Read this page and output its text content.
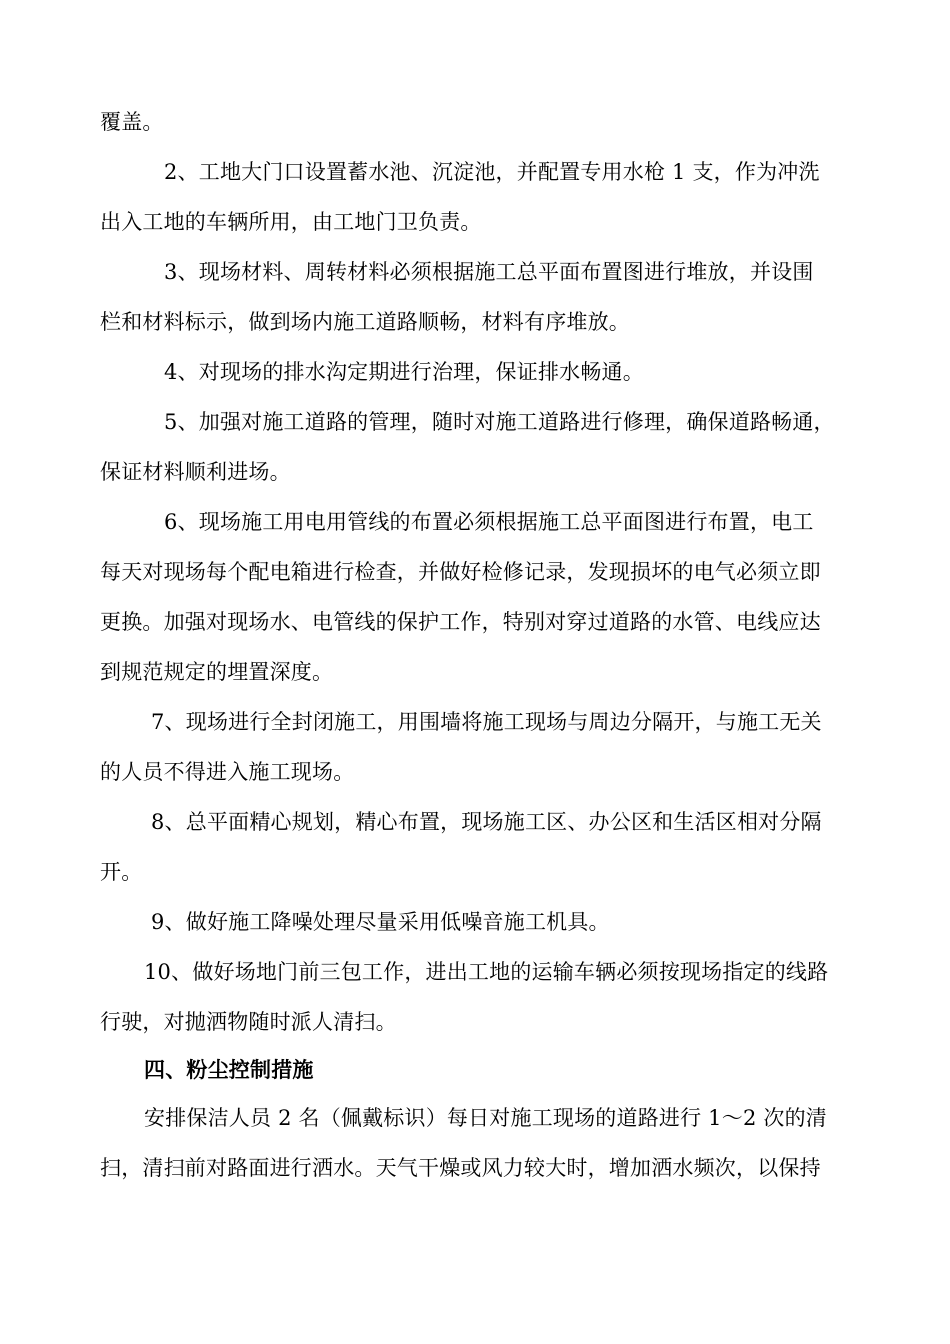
覆盖。
2、工地大门口设置蓄水池、沉淀池，并配置专用水枪 1 支，作为冲洗
出入工地的车辆所用，由工地门卫负责。
3、现场材料、周转材料必须根据施工总平面布置图进行堆放，并设围
栏和材料标示，做到场内施工道路顺畅，材料有序堆放。
4、对现场的排水沟定期进行治理，保证排水畅通。
5、加强对施工道路的管理，随时对施工道路进行修理，确保道路畅通，
保证材料顺利进场。
6、现场施工用电用管线的布置必须根据施工总平面图进行布置，电工
每天对现场每个配电箱进行检查，并做好检修记录，发现损坏的电气必须立即
更换。加强对现场水、电管线的保护工作，特别对穿过道路的水管、电线应达
到规范规定的埋置深度。
7、现场进行全封闭施工，用围墙将施工现场与周边分隔开，与施工无关
的人员不得进入施工现场。
8、总平面精心规划，精心布置，现场施工区、办公区和生活区相对分隔
开。
9、做好施工降噪处理尽量采用低噪音施工机具。
10、做好场地门前三包工作，进出工地的运输车辆必须按现场指定的线路
行驶，对抛洒物随时派人清扫。
四、粉尘控制措施
安排保洁人员 2 名（佩戴标识）每日对施工现场的道路进行 1～2 次的清
扫，清扫前对路面进行洒水。天气干燥或风力较大时，增加洒水频次，以保持
